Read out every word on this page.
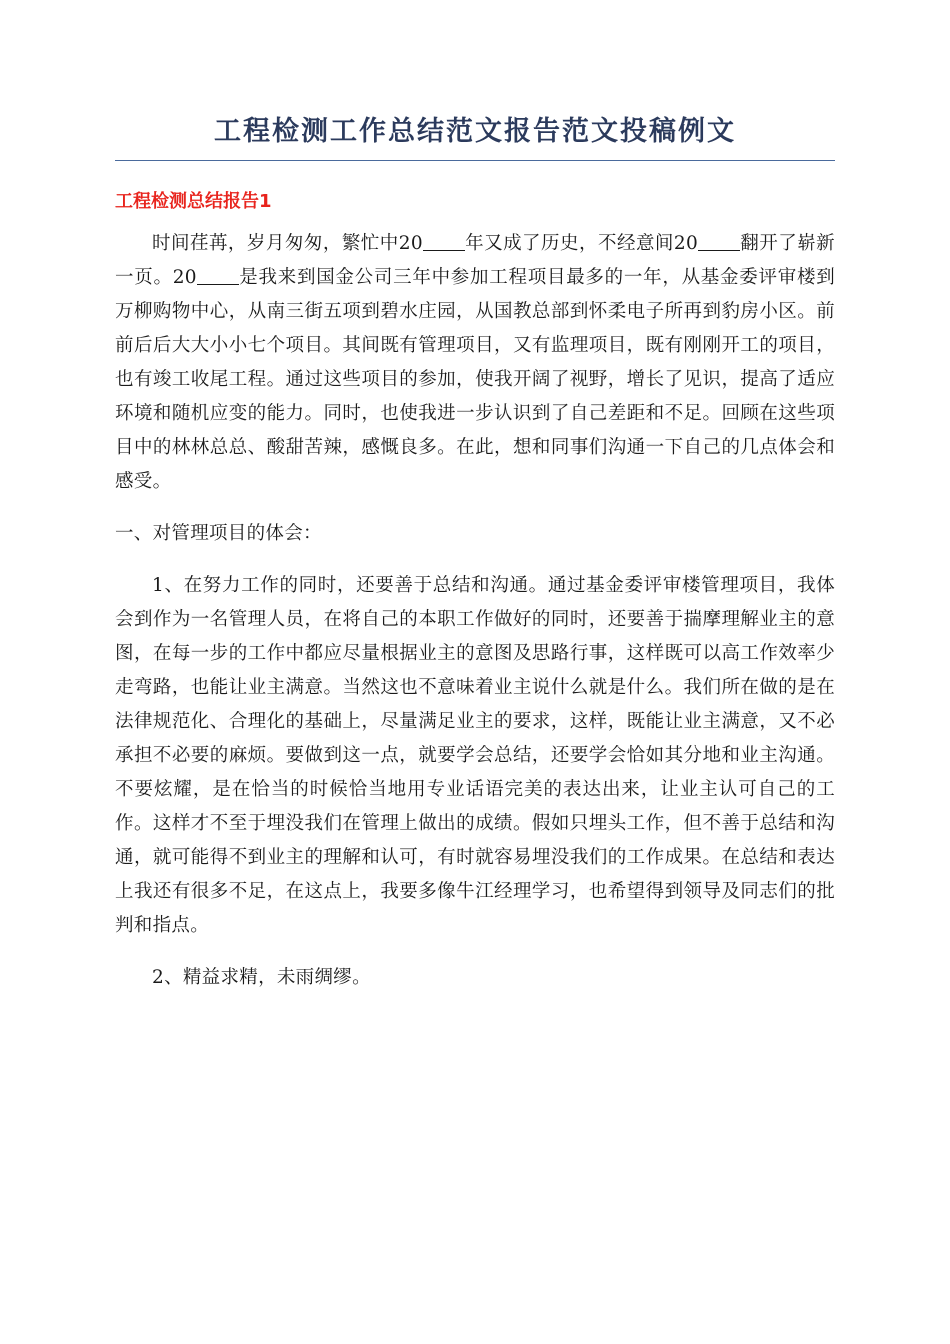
工程检测工作总结范文报告范文投稿例文
工程检测总结报告1

时间荏苒，岁月匆匆，繁忙中20 年又成了历史，不经意间20 翻开了崭新一页。20 是我来到国金公司三年中参加工程项目最多的一年，从基金委评审楼到万柳购物中心，从南三街五项到碧水庄园，从国教总部到怀柔电子所再到豹房小区。前前后后大大小小七个项目。其间既有管理项目，又有监理项目，既有刚刚开工的项目，也有竣工收尾工程。通过这些项目的参加，使我开阔了视野，增长了见识，提高了适应环境和随机应变的能力。同时，也使我进一步认识到了自己差距和不足。回顾在这些项目中的林林总总、酸甜苦辣，感慨良多。在此，想和同事们沟通一下自己的几点体会和感受。

一、对管理项目的体会：

1、在努力工作的同时，还要善于总结和沟通。通过基金委评审楼管理项目，我体会到作为一名管理人员，在将自己的本职工作做好的同时，还要善于揣摩理解业主的意图，在每一步的工作中都应尽量根据业主的意图及思路行事，这样既可以高工作效率少走弯路，也能让业主满意。当然这也不意味着业主说什么就是什么。我们所在做的是在法律规范化、合理化的基础上，尽量满足业主的要求，这样，既能让业主满意，又不必承担不必要的麻烦。要做到这一点，就要学会总结，还要学会恰如其分地和业主沟通。不要炫耀，是在恰当的时候恰当地用专业话语完美的表达出来，让业主认可自己的工作。这样才不至于埋没我们在管理上做出的成绩。假如只埋头工作，但不善于总结和沟通，就可能得不到业主的理解和认可，有时就容易埋没我们的工作成果。在总结和表达上我还有很多不足，在这点上，我要多像牛江经理学习，也希望得到领导及同志们的批判和指点。

2、精益求精，未雨绸缪。
